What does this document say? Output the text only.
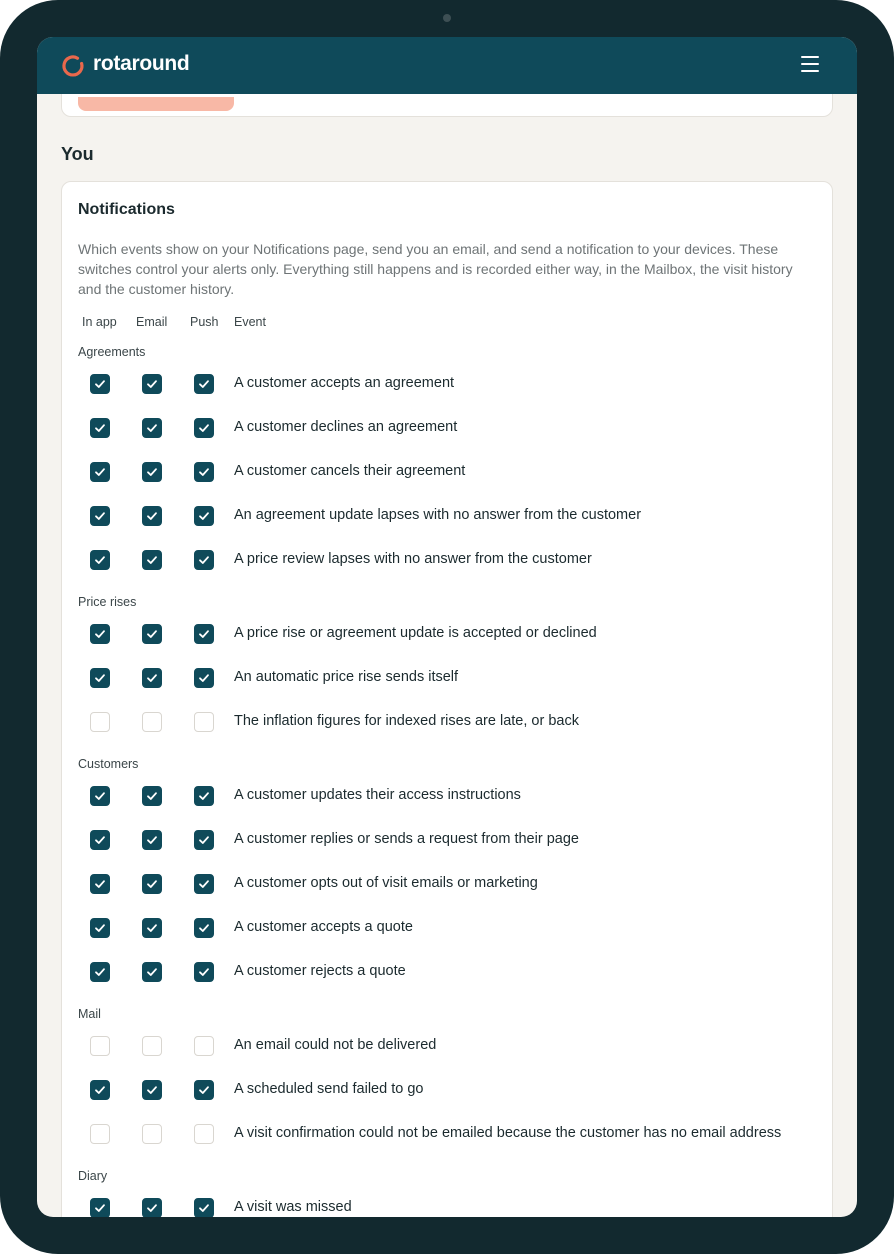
rotaround
You
Notifications
Which events show on your Notifications page, send you an email, and send a notification to your devices. These switches control your alerts only. Everything still happens and is recorded either way, in the Mailbox, the visit history and the customer history.
In app Email Push Event
Agreements
A customer accepts an agreement
A customer declines an agreement
A customer cancels their agreement
An agreement update lapses with no answer from the customer
A price review lapses with no answer from the customer
Price rises
A price rise or agreement update is accepted or declined
An automatic price rise sends itself
The inflation figures for indexed rises are late, or back
Customers
A customer updates their access instructions
A customer replies or sends a request from their page
A customer opts out of visit emails or marketing
A customer accepts a quote
A customer rejects a quote
Mail
An email could not be delivered
A scheduled send failed to go
A visit confirmation could not be emailed because the customer has no email address
Diary
A visit was missed
